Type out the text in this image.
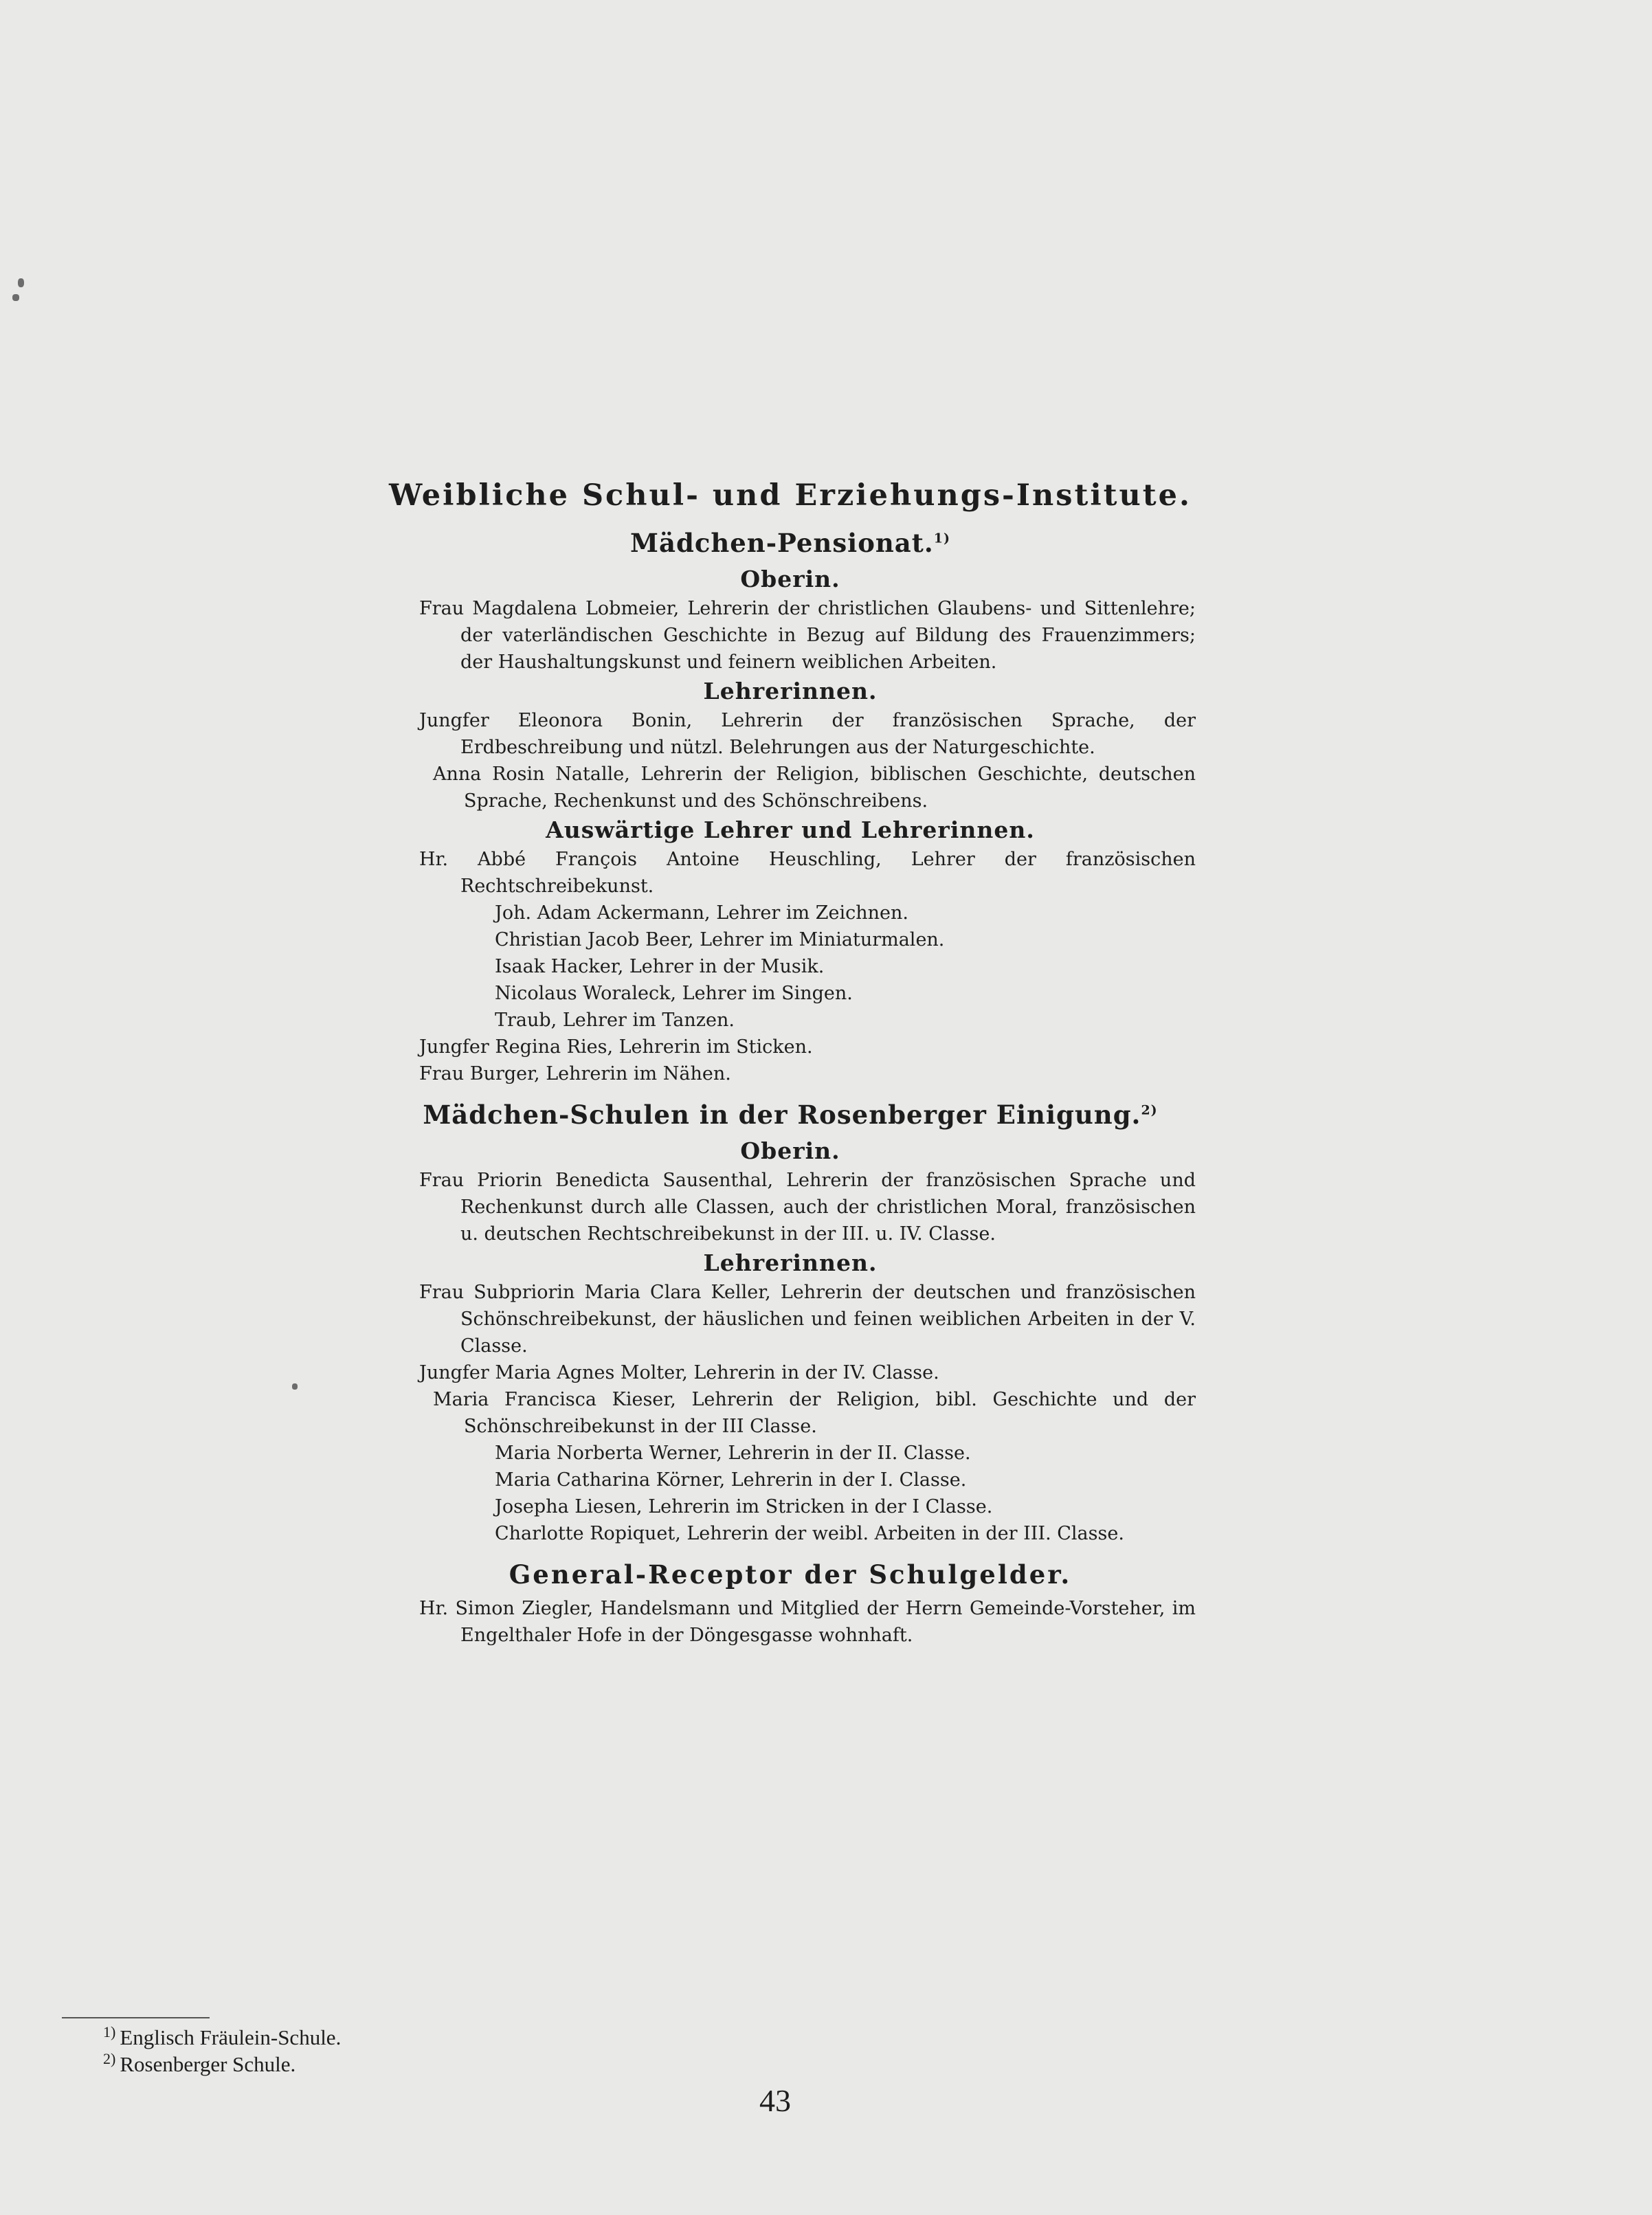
Weibliche Schul- und Erziehungs-Institute.
Mädchen-Pensionat.$^{1)}$
Oberin.

Frau Magdalena Lobmeier, Lehrerin der christlichen Glaubens- und Sittenlehre; der vaterländischen Geschichte in Bezug auf Bildung des Frauenzimmers; der Haushaltungskunst und feinern weiblichen Arbeiten.

Lehrerinnen.

Jungfer Eleonora Bonin, Lehrerin der französischen Sprache, der Erdbeschreibung und nützl. Belehrungen aus der Naturgeschichte.

Anna Rosin Natalle, Lehrerin der Religion, biblischen Geschichte, deutschen Sprache, Rechenkunst und des Schönschreibens.

Auswärtige Lehrer und Lehrerinnen.

Hr. Abbé François Antoine Heuschling, Lehrer der französischen Rechtschreibekunst.

Joh. Adam Ackermann, Lehrer im Zeichnen.

Christian Jacob Beer, Lehrer im Miniaturmalen.

Isaak Hacker, Lehrer in der Musik.

Nicolaus Woraleck, Lehrer im Singen.

Traub, Lehrer im Tanzen.

Jungfer Regina Ries, Lehrerin im Sticken.

Frau Burger, Lehrerin im Nähen.

Mädchen-Schulen in der Rosenberger Einigung.$^{2)}$
Oberin.

Frau Priorin Benedicta Sausenthal, Lehrerin der französischen Sprache und Rechenkunst durch alle Classen, auch der christlichen Moral, französischen u. deutschen Rechtschreibekunst in der III. u. IV. Classe.

Lehrerinnen.

Frau Subpriorin Maria Clara Keller, Lehrerin der deutschen und französischen Schönschreibekunst, der häuslichen und feinen weiblichen Arbeiten in der V. Classe.

Jungfer Maria Agnes Molter, Lehrerin in der IV. Classe.

Maria Francisca Kieser, Lehrerin der Religion, bibl. Geschichte und der Schönschreibekunst in der III Classe.

Maria Norberta Werner, Lehrerin in der II. Classe.

Maria Catharina Körner, Lehrerin in der I. Classe.

Josepha Liesen, Lehrerin im Stricken in der I Classe.

Charlotte Ropiquet, Lehrerin der weibl. Arbeiten in der III. Classe.

General-Receptor der Schulgelder.

Hr. Simon Ziegler, Handelsmann und Mitglied der Herrn Gemeinde-Vorsteher, im Engelthaler Hofe in der Döngesgasse wohnhaft.

$^{1)}$ Englisch Fräulein-Schule.
$^{2)}$ Rosenberger Schule.
43
